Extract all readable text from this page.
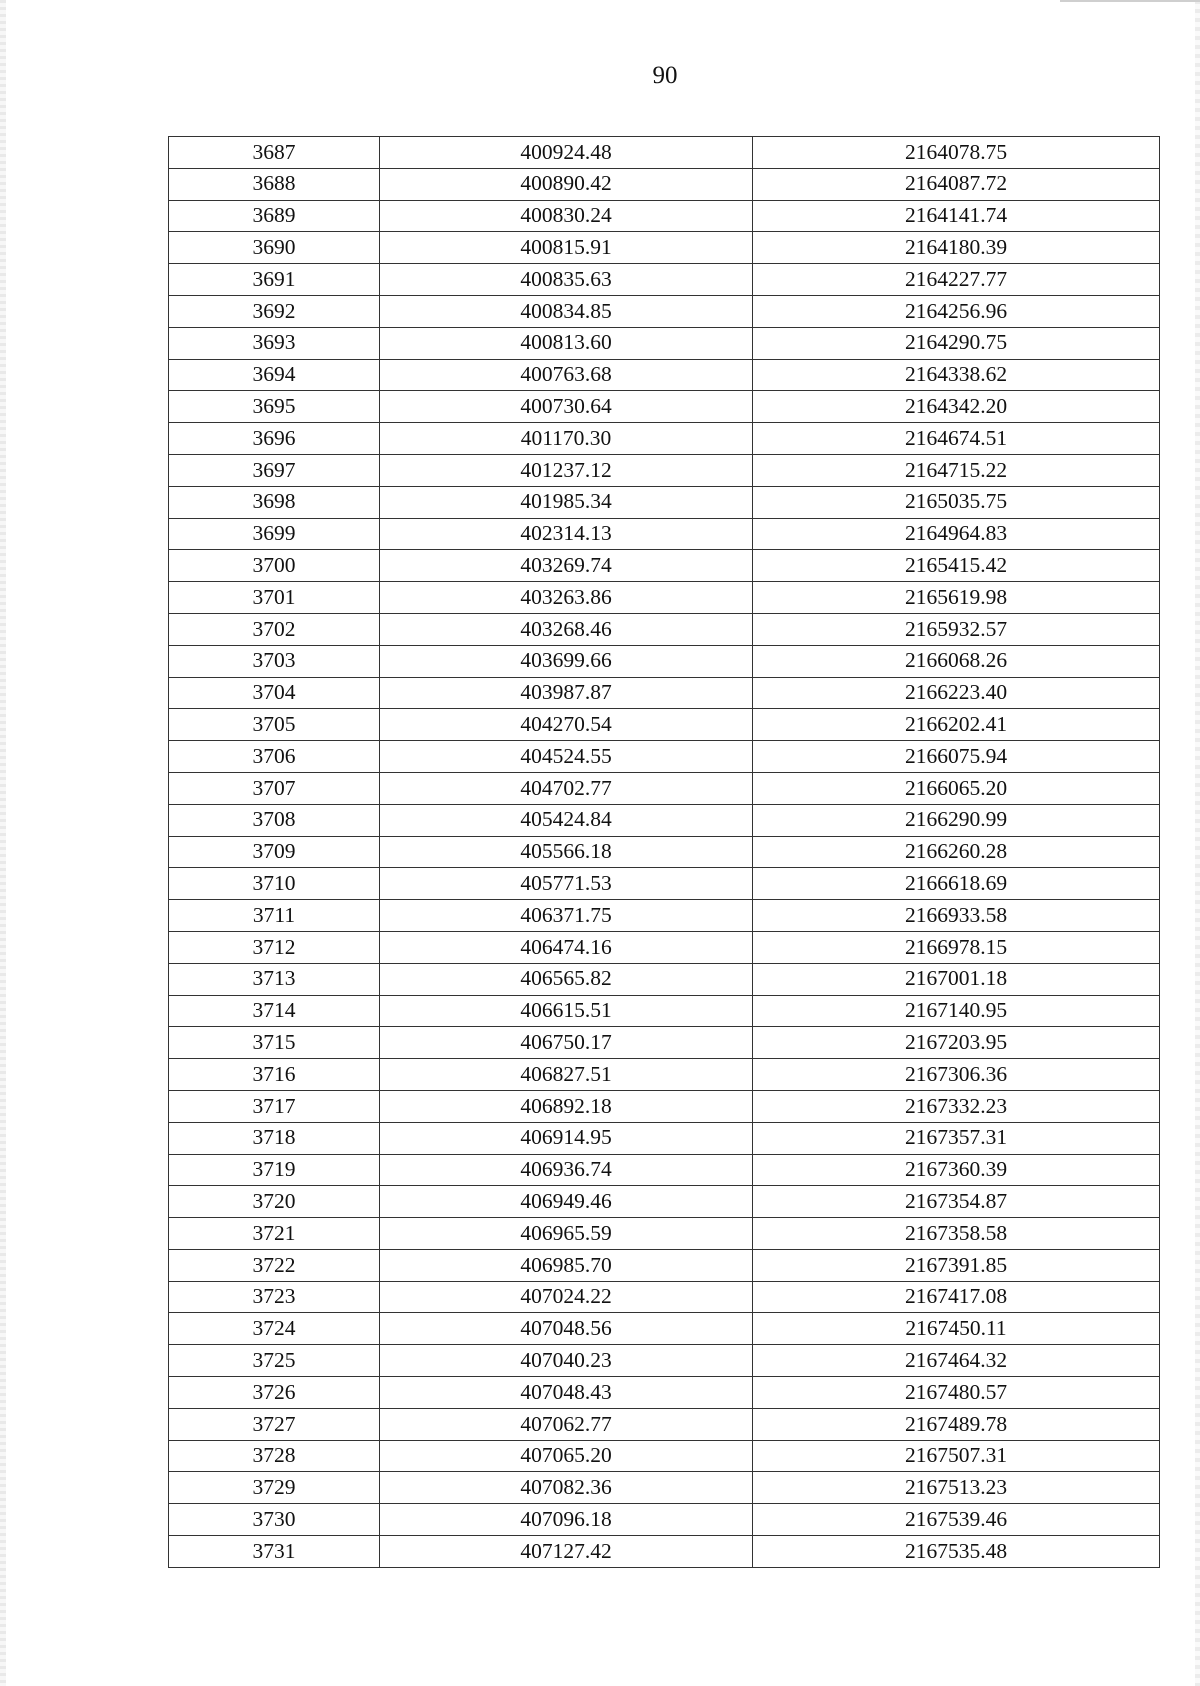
90
3687	400924.48	2164078.75
3688	400890.42	2164087.72
3689	400830.24	2164141.74
3690	400815.91	2164180.39
3691	400835.63	2164227.77
3692	400834.85	2164256.96
3693	400813.60	2164290.75
3694	400763.68	2164338.62
3695	400730.64	2164342.20
3696	401170.30	2164674.51
3697	401237.12	2164715.22
3698	401985.34	2165035.75
3699	402314.13	2164964.83
3700	403269.74	2165415.42
3701	403263.86	2165619.98
3702	403268.46	2165932.57
3703	403699.66	2166068.26
3704	403987.87	2166223.40
3705	404270.54	2166202.41
3706	404524.55	2166075.94
3707	404702.77	2166065.20
3708	405424.84	2166290.99
3709	405566.18	2166260.28
3710	405771.53	2166618.69
3711	406371.75	2166933.58
3712	406474.16	2166978.15
3713	406565.82	2167001.18
3714	406615.51	2167140.95
3715	406750.17	2167203.95
3716	406827.51	2167306.36
3717	406892.18	2167332.23
3718	406914.95	2167357.31
3719	406936.74	2167360.39
3720	406949.46	2167354.87
3721	406965.59	2167358.58
3722	406985.70	2167391.85
3723	407024.22	2167417.08
3724	407048.56	2167450.11
3725	407040.23	2167464.32
3726	407048.43	2167480.57
3727	407062.77	2167489.78
3728	407065.20	2167507.31
3729	407082.36	2167513.23
3730	407096.18	2167539.46
3731	407127.42	2167535.48
